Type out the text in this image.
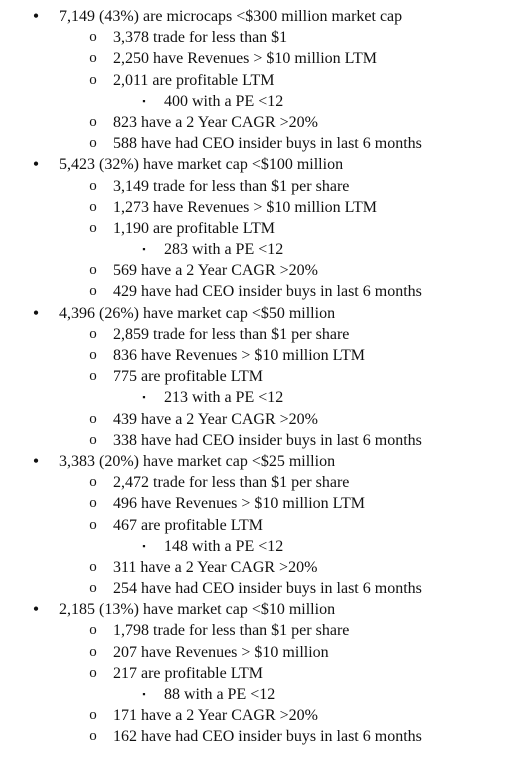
• 7,149 (43%) are microcaps <$300 million market cap
o 3,378 trade for less than $1
o 2,250 have Revenues > $10 million LTM
o 2,011 are profitable LTM
▪	400 with a PE <12
o 823 have a 2 Year CAGR >20%
o 588 have had CEO insider buys in last 6 months
• 5,423 (32%) have market cap <$100 million
o 3,149 trade for less than $1 per share
o 1,273 have Revenues > $10 million LTM
o 1,190 are profitable LTM
▪	283 with a PE <12
o 569 have a 2 Year CAGR >20%
o 429 have had CEO insider buys in last 6 months
• 4,396 (26%) have market cap <$50 million
o 2,859 trade for less than $1 per share
o 836 have Revenues > $10 million LTM
o 775 are profitable LTM
▪	213 with a PE <12
o 439 have a 2 Year CAGR >20%
o 338 have had CEO insider buys in last 6 months
• 3,383 (20%) have market cap <$25 million
o 2,472 trade for less than $1 per share
o 496 have Revenues > $10 million LTM
o 467 are profitable LTM
▪	148 with a PE <12
o 311 have a 2 Year CAGR >20%
o 254 have had CEO insider buys in last 6 months
• 2,185 (13%) have market cap <$10 million
o 1,798 trade for less than $1 per share
o 207 have Revenues > $10 million
o 217 are profitable LTM
▪	88 with a PE <12
o 171 have a 2 Year CAGR >20%
o 162 have had CEO insider buys in last 6 months
